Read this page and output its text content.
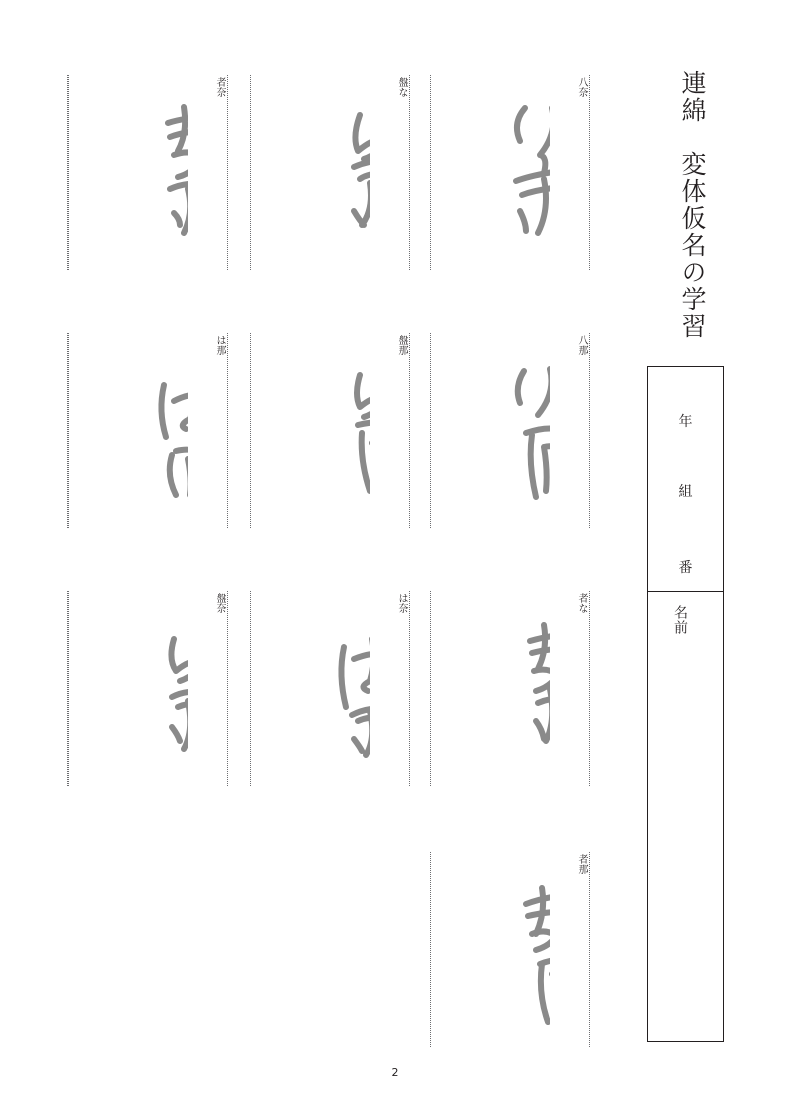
連綿　変体仮名の学習
八奈
盤な
者奈
八那
盤那
は那
者な
は奈
盤奈
者那
年
組
番
名前
2
